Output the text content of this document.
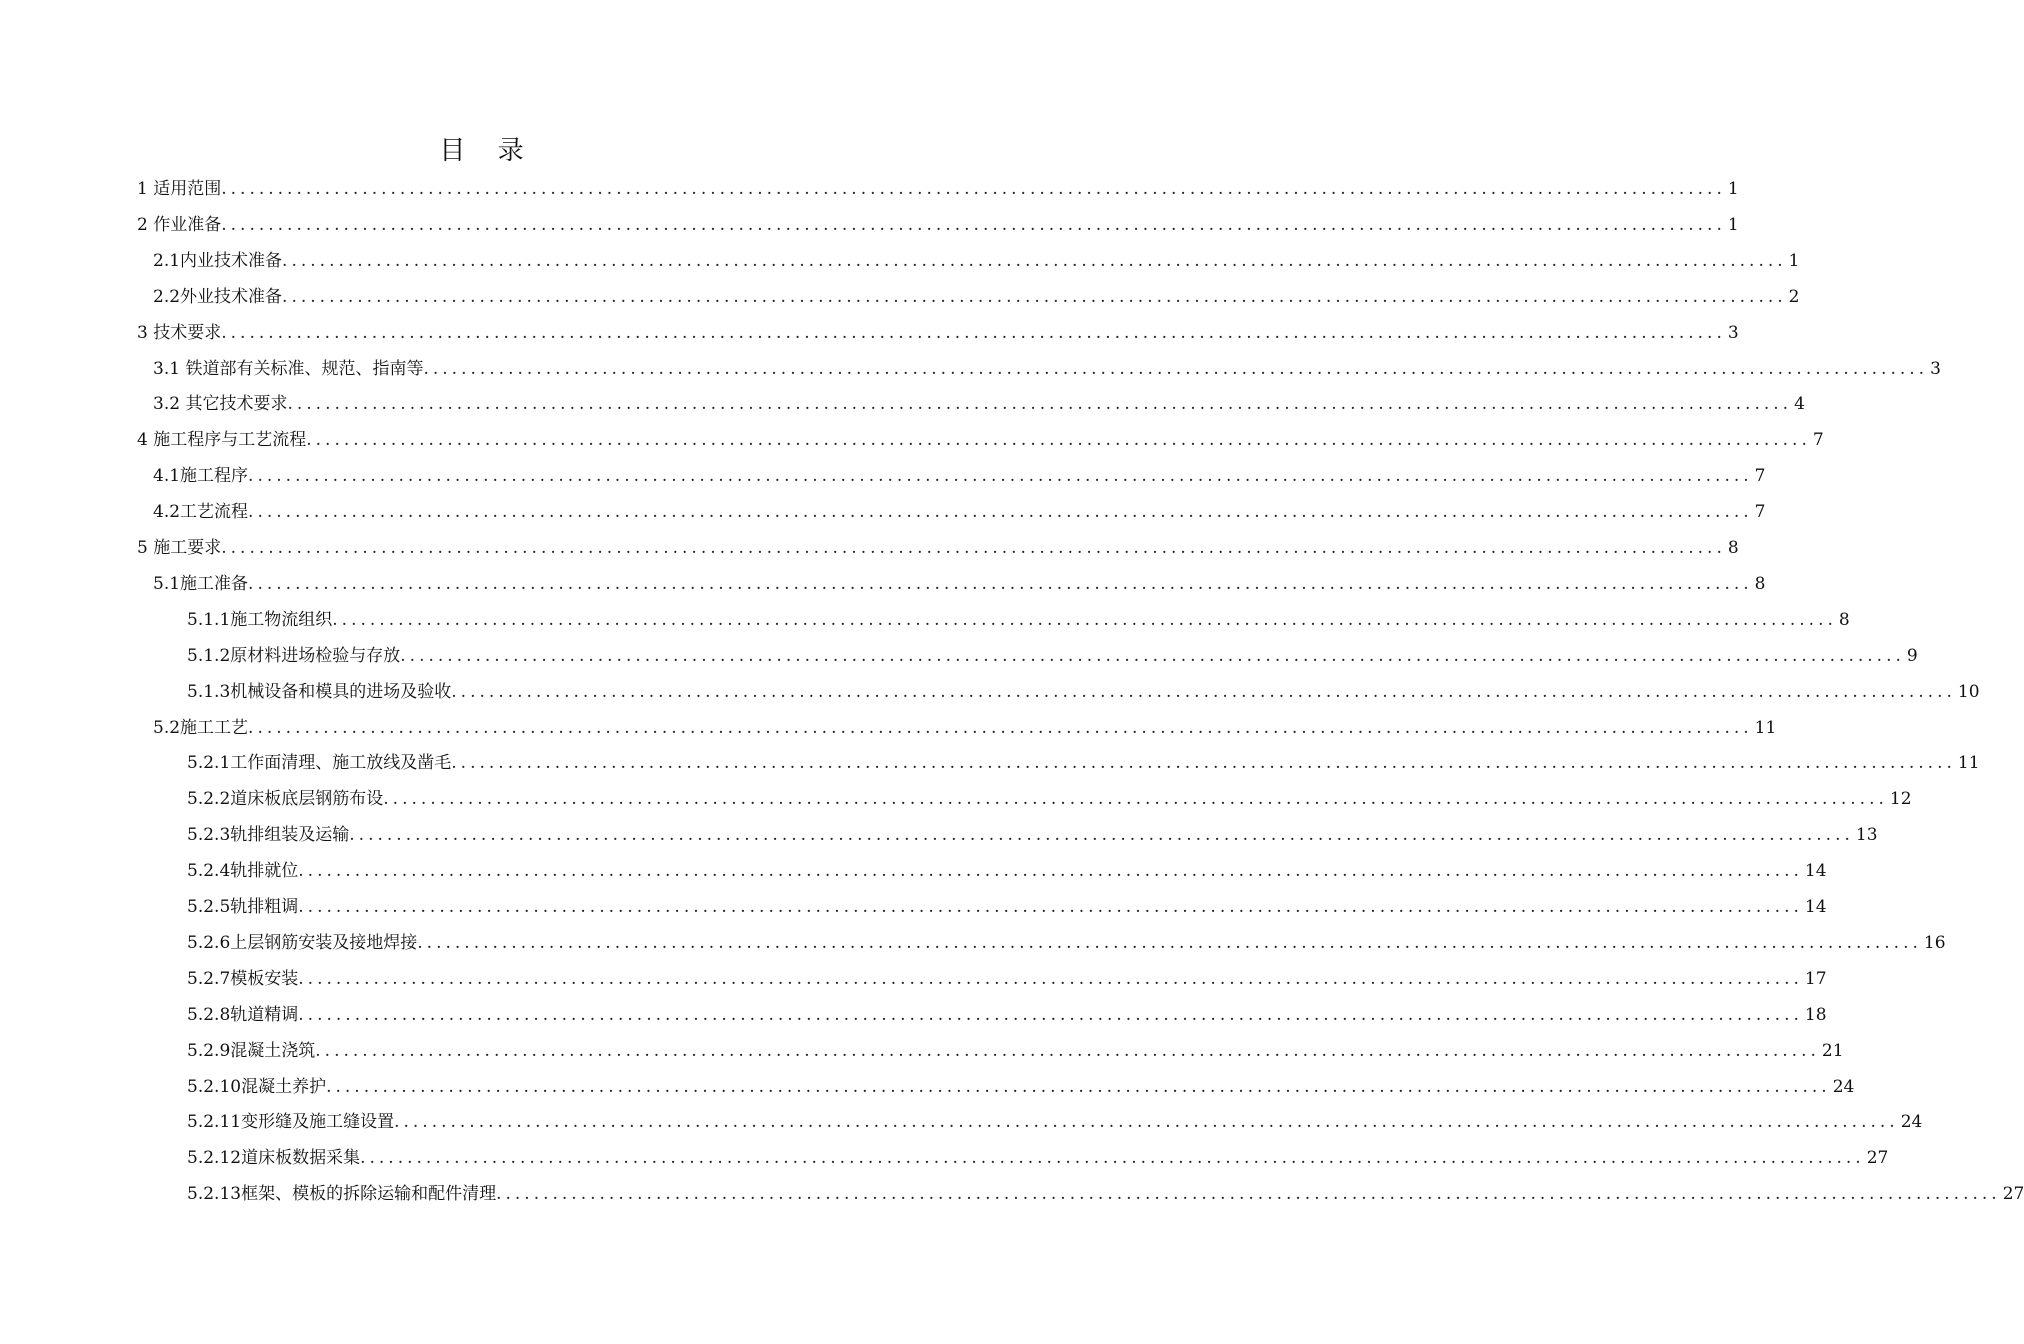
目 录
1 适用范围 ................................................................................................................................................................ 1
2 作业准备 ................................................................................................................................................................ 1
2.1内业技术准备 ................................................................................................................................................................ 1
2.2外业技术准备 ................................................................................................................................................................ 2
3 技术要求 ................................................................................................................................................................ 3
3.1 铁道部有关标准、规范、指南等 ................................................................................................................................................................ 3
3.2 其它技术要求 ................................................................................................................................................................ 4
4 施工程序与工艺流程 ................................................................................................................................................................ 7
4.1施工程序 ................................................................................................................................................................ 7
4.2工艺流程 ................................................................................................................................................................ 7
5 施工要求 ................................................................................................................................................................ 8
5.1施工准备 ................................................................................................................................................................ 8
5.1.1施工物流组织 ................................................................................................................................................................ 8
5.1.2原材料进场检验与存放 ................................................................................................................................................................ 9
5.1.3机械设备和模具的进场及验收 ................................................................................................................................................................ 10
5.2施工工艺 ................................................................................................................................................................ 11
5.2.1工作面清理、施工放线及凿毛 ................................................................................................................................................................ 11
5.2.2道床板底层钢筋布设 ................................................................................................................................................................ 12
5.2.3轨排组装及运输 ................................................................................................................................................................ 13
5.2.4轨排就位 ................................................................................................................................................................ 14
5.2.5轨排粗调 ................................................................................................................................................................ 14
5.2.6上层钢筋安装及接地焊接 ................................................................................................................................................................ 16
5.2.7模板安装 ................................................................................................................................................................ 17
5.2.8轨道精调 ................................................................................................................................................................ 18
5.2.9混凝土浇筑 ................................................................................................................................................................ 21
5.2.10混凝土养护 ................................................................................................................................................................ 24
5.2.11变形缝及施工缝设置 ................................................................................................................................................................ 24
5.2.12道床板数据采集 ................................................................................................................................................................ 27
5.2.13框架、模板的拆除运输和配件清理 ................................................................................................................................................................ 27
